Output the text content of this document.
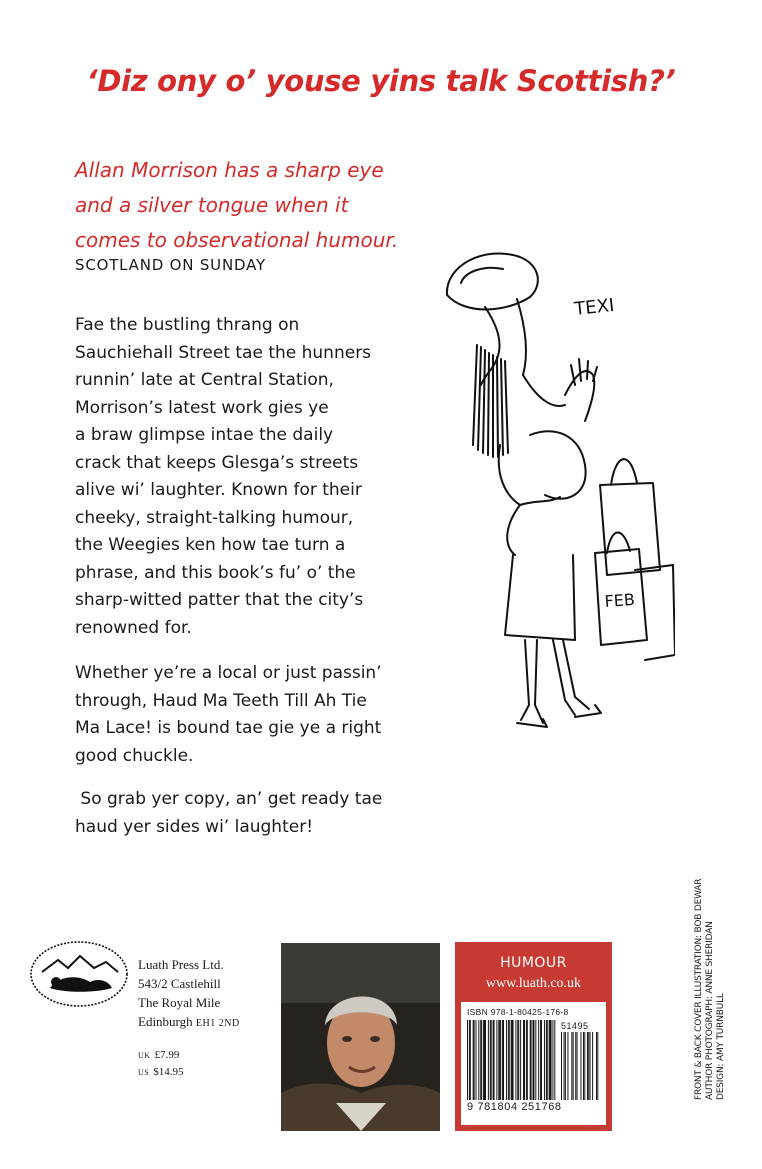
‘Diz ony o’ youse yins talk Scottish?’
Allan Morrison has a sharp eye
and a silver tongue when it
comes to observational humour.
SCOTLAND ON SUNDAY
Fae the bustling thrang on
Sauchiehall Street tae the hunners
runnin’ late at Central Station,
Morrison’s latest work gies ye
a braw glimpse intae the daily
crack that keeps Glesga’s streets
alive wi’ laughter. Known for their
cheeky, straight-talking humour,
the Weegies ken how tae turn a
phrase, and this book’s fu’ o’ the
sharp-witted patter that the city’s
renowned for.
Whether ye’re a local or just passin’
through, Haud Ma Teeth Till Ah Tie
Ma Lace! is bound tae gie ye a right
good chuckle.
So grab yer copy, an’ get ready tae
haud yer sides wi’ laughter!
TEXI
FEB
FRONT & BACK COVER ILLUSTRATION: BOB DEWAR AUTHOR PHOTOGRAPH: ANNE SHERIDAN DESIGN: AMY TURNBULL
Luath Press Ltd.
543/2 Castlehill
The Royal Mile
Edinburgh EH1 2ND
UK £7.99
US $14.95
HUMOUR
www.luath.co.uk
ISBN 978-1-80425-176-8
51495
9 781804 251768
